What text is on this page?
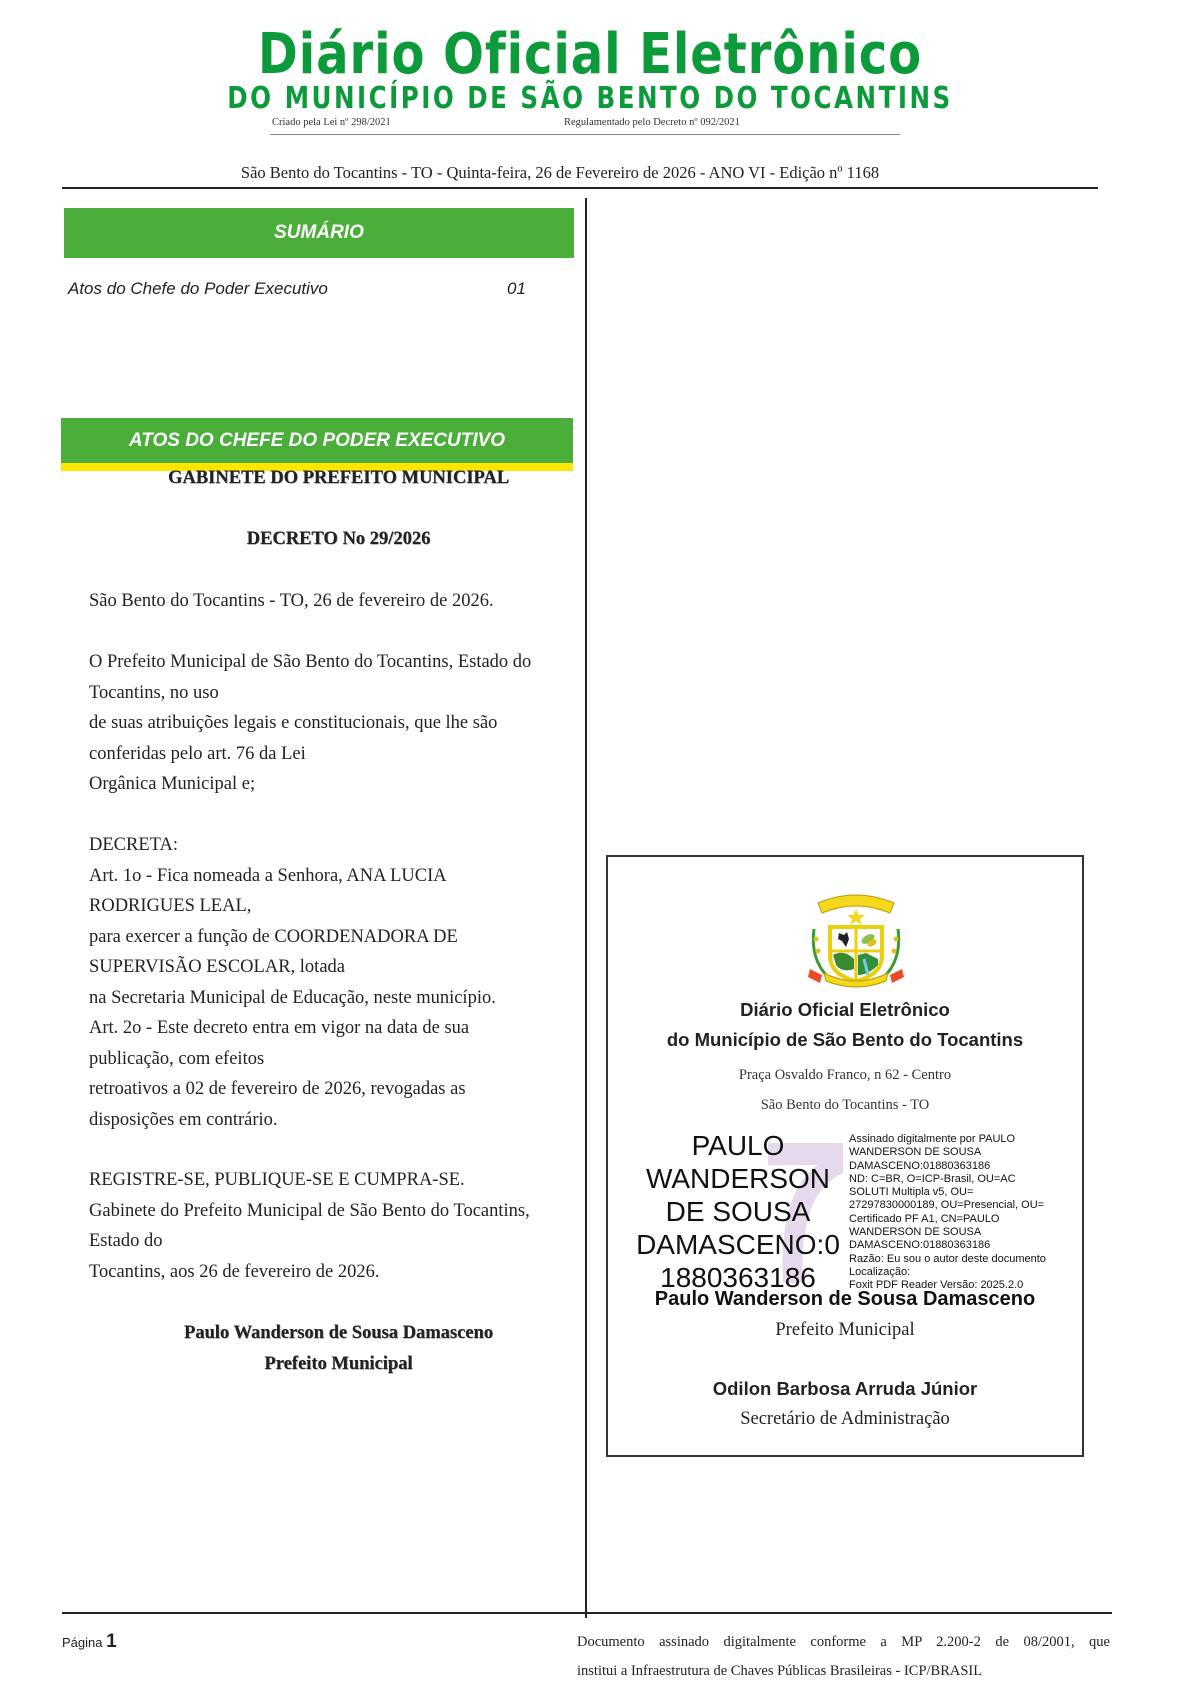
Diário Oficial Eletrônico
DO MUNICÍPIO DE SÃO BENTO DO TOCANTINS
Criado pela Lei nº 298/2021	Regulamentado pelo Decreto nº 092/2021
São Bento do Tocantins - TO - Quinta-feira, 26 de Fevereiro de 2026 - ANO VI - Edição nº 1168
SUMÁRIO
Atos do Chefe do Poder Executivo	01
ATOS DO CHEFE DO PODER EXECUTIVO
GABINETE DO PREFEITO MUNICIPAL
DECRETO No 29/2026

São Bento do Tocantins - TO, 26 de fevereiro de 2026.

O Prefeito Municipal de São Bento do Tocantins, Estado do

Tocantins, no uso

de suas atribuições legais e constitucionais, que lhe são

conferidas pelo art. 76 da Lei

Orgânica Municipal e;

DECRETA:

Art. 1o - Fica nomeada a Senhora, ANA LUCIA

RODRIGUES LEAL,

para exercer a função de COORDENADORA DE

SUPERVISÃO ESCOLAR, lotada

na Secretaria Municipal de Educação, neste município.

Art. 2o - Este decreto entra em vigor na data de sua

publicação, com efeitos

retroativos a 02 de fevereiro de 2026, revogadas as

disposições em contrário.

REGISTRE-SE, PUBLIQUE-SE E CUMPRA-SE.

Gabinete do Prefeito Municipal de São Bento do Tocantins,

Estado do

Tocantins, aos 26 de fevereiro de 2026.

Paulo Wanderson de Sousa Damasceno
Prefeito Municipal
Diário Oficial Eletrônico
do Município de São Bento do Tocantins
Praça Osvaldo Franco, n 62 - Centro
São Bento do Tocantins - TO
PAULO
WANDERSON
DE SOUSA
DAMASCENO:0
1880363186
Assinado digitalmente por PAULO
WANDERSON DE SOUSA
DAMASCENO:01880363186
ND: C=BR, O=ICP-Brasil, OU=AC
SOLUTI Multipla v5, OU=
27297830000189, OU=Presencial, OU=
Certificado PF A1, CN=PAULO
WANDERSON DE SOUSA
DAMASCENO:01880363186
Razão: Eu sou o autor deste documento
Localização:
Foxit PDF Reader Versão: 2025.2.0
Paulo Wanderson de Sousa Damasceno
Prefeito Municipal
Odilon Barbosa Arruda Júnior
Secretário de Administração
Página 1	Documento assinado digitalmente conforme a MP 2.200-2 de 08/2001, que
institui a Infraestrutura de Chaves Públicas Brasileiras - ICP/BRASIL
